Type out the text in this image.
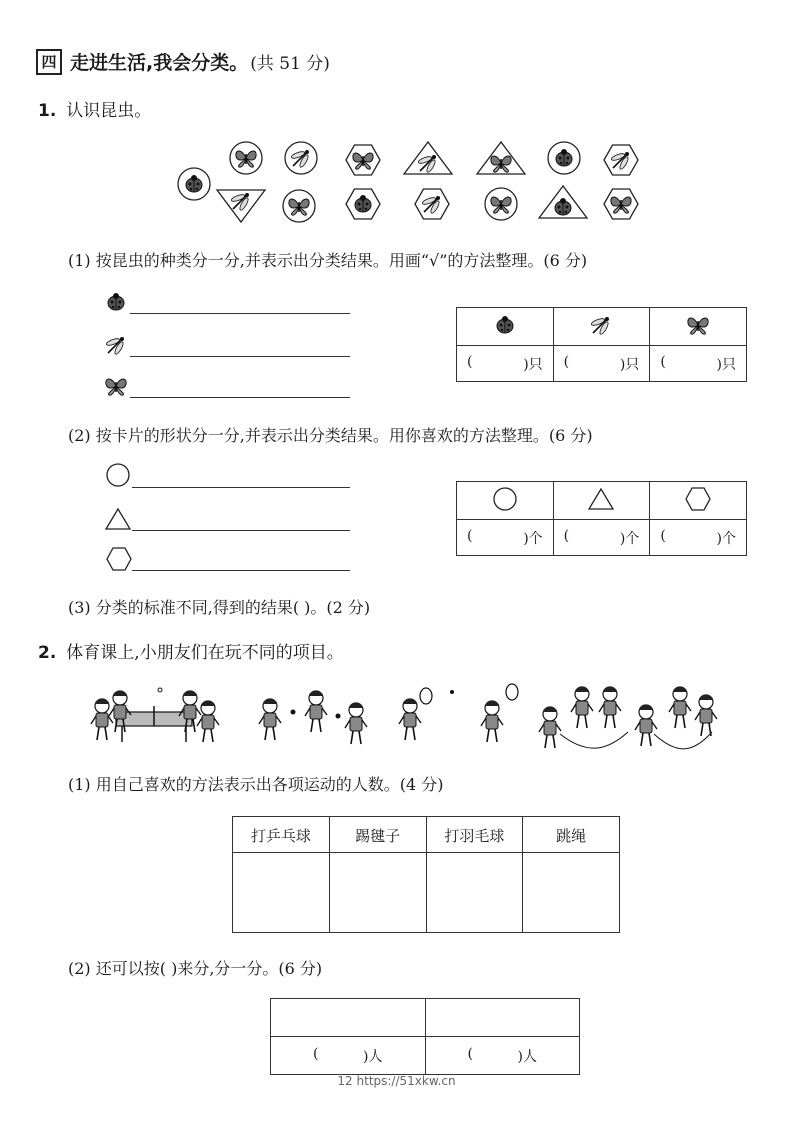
四 走进生活,我会分类。 (共 51 分)
1. 认识昆虫。
(1) 按昆虫的种类分一分,并表示出分类结果。用画“√”的方法整理。(6 分)

( )只	( )只	( )只
(2) 按卡片的形状分一分,并表示出分类结果。用你喜欢的方法整理。(6 分)

( )个	( )个	( )个
(3) 分类的标准不同,得到的结果( )。(2 分)
2. 体育课上,小朋友们在玩不同的项目。
(1) 用自己喜欢的方法表示出各项运动的人数。(4 分)
打乒乓球	踢毽子	打羽毛球	跳绳

(2) 还可以按( )来分,分一分。(6 分)

( )人	( )人
12 https://51xkw.cn
